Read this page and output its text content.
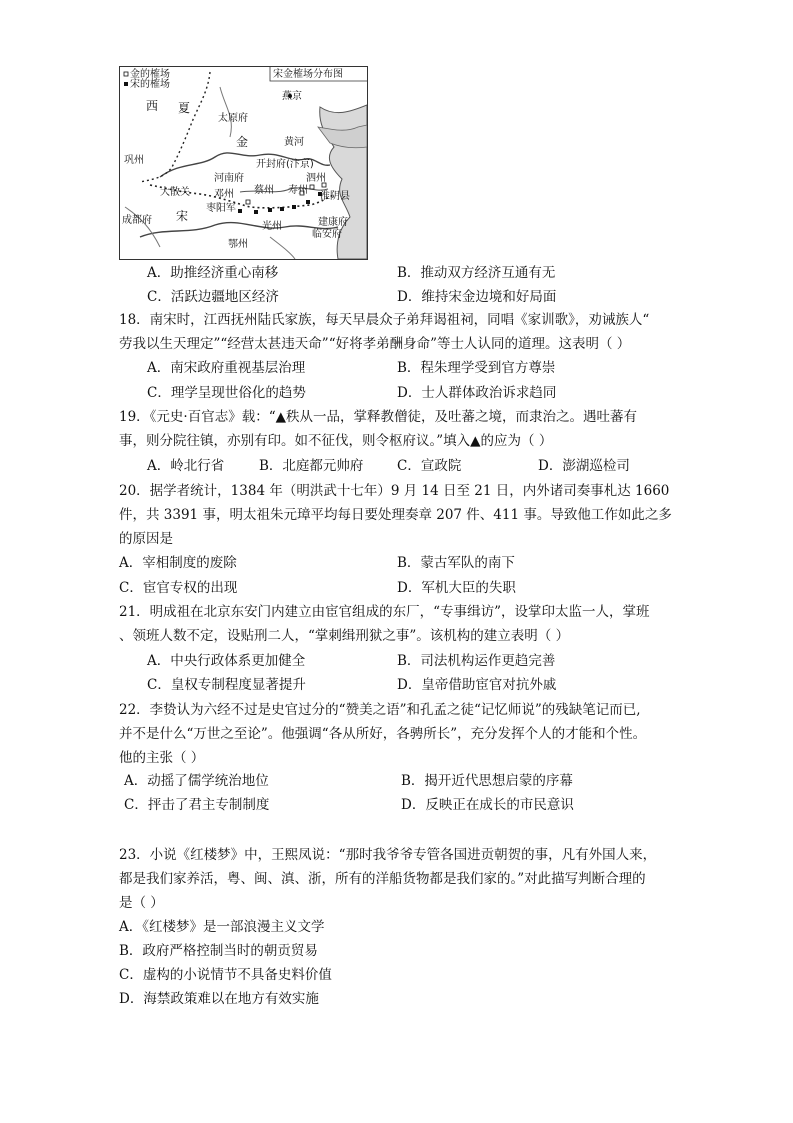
金的榷场
宋的榷场
宋金榷场分布图
西 夏
燕京
太原府
金	黄河
巩州	开封府(汴京)
河南府	泗州
大散关 邓州 蔡州 寿州
淮阴县
宋
枣阳军
成都府
光州	建康府
鄂州
临安府
A．助推经济重心南移	B．推动双方经济互通有无
C．活跃边疆地区经济	D．维持宋金边境和好局面
18．南宋时，江西抚州陆氏家族，每天早晨众子弟拜谒祖祠，同唱《家训歌》，劝诫族人“
劳我以生天理定”“经营太甚违天命”“好将孝弟酬身命”等士人认同的道理。这表明（ ）
A．南宋政府重视基层治理	B．程朱理学受到官方尊崇
C．理学呈现世俗化的趋势	D．士人群体政治诉求趋同
19．《元史·百官志》载：“▲秩从一品，掌释教僧徒，及吐蕃之境，而隶治之。遇吐蕃有
事，则分院往镇，亦别有印。如不征伐，则令枢府议。”填入▲的应为（ ）
A．岭北行省	B．北庭都元帅府 C．宣政院	D．澎湖巡检司
20．据学者统计，1384 年（明洪武十七年）9 月 14 日至 21 日，内外诸司奏事札达 1660
件，共 3391 事，明太祖朱元璋平均每日要处理奏章 207 件、411 事。导致他工作如此之多
的原因是
A．宰相制度的废除	B．蒙古军队的南下
C．宦官专权的出现	D．军机大臣的失职
21．明成祖在北京东安门内建立由宦官组成的东厂，“专事缉访”，设掌印太监一人，掌班
、领班人数不定，设贴刑二人，“掌刺缉刑狱之事”。该机构的建立表明（ ）
A．中央行政体系更加健全	B．司法机构运作更趋完善
C．皇权专制程度显著提升	D．皇帝借助宦官对抗外戚
22．李贽认为六经不过是史官过分的“赞美之语”和孔孟之徒“记忆师说”的残缺笔记而已,
并不是什么“万世之至论”。他强调“各从所好，各骋所长”，充分发挥个人的才能和个性。
他的主张（ ）
A．动摇了儒学统治地位	B．揭开近代思想启蒙的序幕
C．抨击了君主专制制度	D．反映正在成长的市民意识
23．小说《红楼梦》中，王熙凤说：“那时我爷爷专管各国进贡朝贺的事，凡有外国人来，
都是我们家养活，粤、闽、滇、浙，所有的洋船货物都是我们家的。”对此描写判断合理的
是（ ）
A．《红楼梦》是一部浪漫主义文学
B．政府严格控制当时的朝贡贸易
C．虚构的小说情节不具备史料价值
D．海禁政策难以在地方有效实施
